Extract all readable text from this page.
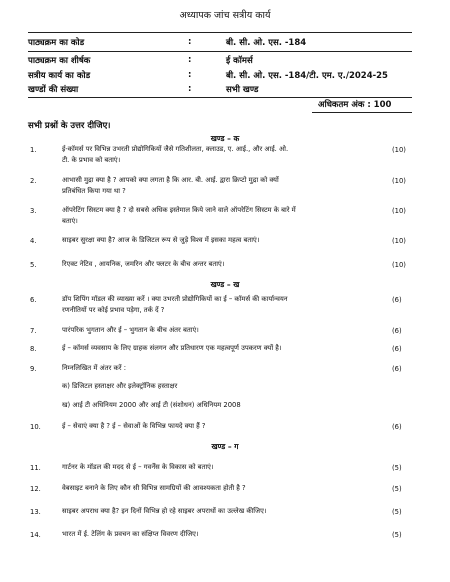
अध्यापक जांच सत्रीय कार्य
पाठ्यक्रम का कोड	:	बी. सी. ओ. एस. -184
पाठ्यक्रम का शीर्षक	:	ई कॉमर्स
सत्रीय कार्य का कोड	:	बी. सी. ओ. एस. -184/टी. एम. ए./2024-25
खण्डों की संख्या	:	सभी खण्ड
अधिकतम अंक : 100
सभी प्रश्नों के उत्तर दीजिए।
खण्ड – क
1.	ई-कॉमर्स पर विभिन्न उभरती प्रोद्योगिकियों जैसे गतिशीलता, क्लाउड, ए. आई., और आई. ओ.
टी. के प्रभाव को बताएं।
(10)
2.	आभासी मुद्रा क्या है ? आपको क्या लगता है कि आर. बी. आई. द्वारा क्रिप्टो मुद्रा को क्यों
प्रतिबंधित किया गया था ?
(10)
3.	ऑपरेटिंग सिस्टम क्या है ? दो सबसे अधिक इस्तेमाल किये जाने वाले ऑपरेटिंग सिस्टम के बारे में
बताएं।
(10)
4.	साइबर सुरक्षा क्या है? आज के डिजिटल रूप से जुड़े विश्व में इसका महत्व बताएं।	(10)
5.	रिएक्ट नेटिव , आयनिक, जमरिन और फ्लटर के बीच अन्तर बताएं।	(10)
खण्ड – ख
6.	डॉप शिपिंग मॉडल की व्याख्या करें । क्या उभरती प्रोद्योगिकियों का ई – कॉमर्स की कार्यान्वयन
रणनीतियों पर कोई प्रभाव पड़ेगा, तर्क दें ?
(6)
7.	पारंपरिक भुगतान और ई – भुगतान के बीच अंतर बताएं।	(6)
8.	ई – कॉमर्स व्यवसाय के लिए ग्राहक संलगन और प्रतिधारण एक महत्वपूर्ण उपकरण क्यों है।	(6)
9.	निम्नलिखित में अंतर करें :	(6)
क) डिजिटल हस्ताक्षर और इलेक्ट्रॉनिक हस्ताक्षर
ख) आई टी अधिनियम 2000 और आई टी (संशोधन) अधिनियम 2008
10.	ई – सेवाएं क्या है ? ई – सेवाओं के विभिन्न फायदे क्या हैं ?	(6)
खण्ड – ग
11.	गार्टनर के मॉडल की मदद से ई – गवर्नेंस के विकास को बताएं।	(5)
12.	वेबसाइट बनाने के लिए कौन सी विभिन्न सामग्रियों की आवश्यकता होती है ?	(5)
13.	साइबर अपराध क्या है? इन दिनों विभिन्न हो रहे साइबर अपराधों का उल्लेख कीजिए।	(5)
14.	भारत में ई. टेलिंग के प्रवचन का संक्षिप्त विवरण दीजिए।	(5)
